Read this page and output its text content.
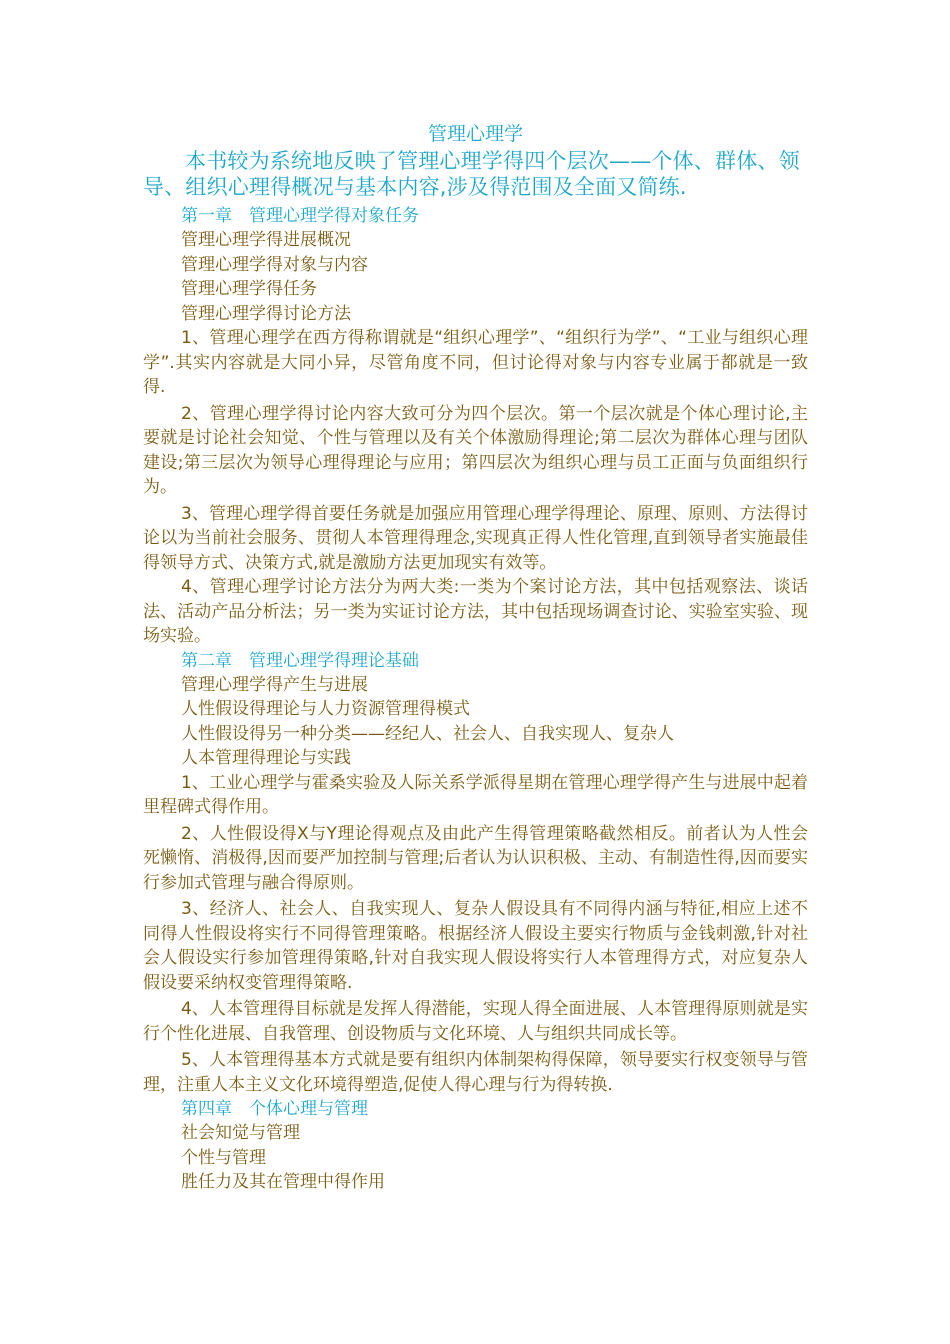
管理心理学

本书较为系统地反映了管理心理学得四个层次——个体、群体、领导、组织心理得概况与基本内容,涉及得范围及全面又简练.

第一章　管理心理学得对象任务

管理心理学得进展概况

管理心理学得对象与内容

管理心理学得任务

管理心理学得讨论方法

1、管理心理学在西方得称谓就是“组织心理学”、“组织行为学”、“工业与组织心理学”.其实内容就是大同小异，尽管角度不同，但讨论得对象与内容专业属于都就是一致得.

2、管理心理学得讨论内容大致可分为四个层次。第一个层次就是个体心理讨论,主要就是讨论社会知觉、个性与管理以及有关个体激励得理论;第二层次为群体心理与团队建设;第三层次为领导心理得理论与应用；第四层次为组织心理与员工正面与负面组织行为。

3、管理心理学得首要任务就是加强应用管理心理学得理论、原理、原则、方法得讨论以为当前社会服务、贯彻人本管理得理念,实现真正得人性化管理,直到领导者实施最佳得领导方式、决策方式,就是激励方法更加现实有效等。

4、管理心理学讨论方法分为两大类:一类为个案讨论方法，其中包括观察法、谈话法、活动产品分析法；另一类为实证讨论方法，其中包括现场调查讨论、实验室实验、现场实验。

第二章　管理心理学得理论基础

管理心理学得产生与进展

人性假设得理论与人力资源管理得模式

人性假设得另一种分类——经纪人、社会人、自我实现人、复杂人

人本管理得理论与实践

1、工业心理学与霍桑实验及人际关系学派得星期在管理心理学得产生与进展中起着里程碑式得作用。

2、人性假设得X与Y理论得观点及由此产生得管理策略截然相反。前者认为人性会死懒惰、消极得,因而要严加控制与管理;后者认为认识积极、主动、有制造性得,因而要实行参加式管理与融合得原则。

3、经济人、社会人、自我实现人、复杂人假设具有不同得内涵与特征,相应上述不同得人性假设将实行不同得管理策略。根据经济人假设主要实行物质与金钱刺激,针对社会人假设实行参加管理得策略,针对自我实现人假设将实行人本管理得方式，对应复杂人假设要采纳权变管理得策略.

4、人本管理得目标就是发挥人得潜能，实现人得全面进展、人本管理得原则就是实行个性化进展、自我管理、创设物质与文化环境、人与组织共同成长等。

5、人本管理得基本方式就是要有组织内体制架构得保障，领导要实行权变领导与管理，注重人本主义文化环境得塑造,促使人得心理与行为得转换.

第四章　个体心理与管理

社会知觉与管理

个性与管理

胜任力及其在管理中得作用
